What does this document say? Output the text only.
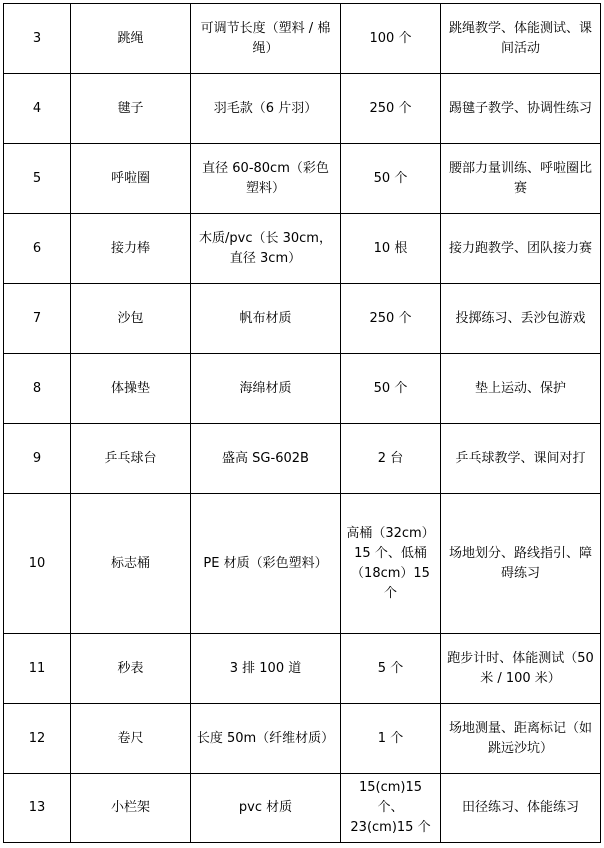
3	跳绳	可调节长度（塑料 / 棉绳）	100 个	跳绳教学、体能测试、课间活动
4	毽子	羽毛款（6 片羽）	250 个	踢毽子教学、协调性练习
5	呼啦圈	直径 60-80cm（彩色塑料）	50 个	腰部力量训练、呼啦圈比赛
6	接力棒	木质/pvc（长 30cm，直径 3cm）	10 根	接力跑教学、团队接力赛
7	沙包	帆布材质	250 个	投掷练习、丢沙包游戏
8	体操垫	海绵材质	50 个	垫上运动、保护
9	乒乓球台	盛高 SG-602B	2 台	乒乓球教学、课间对打
10	标志桶	PE 材质（彩色塑料）	高桶（32cm）15 个、低桶（18cm）15 个	场地划分、路线指引、障碍练习
11	秒表	3 排 100 道	5 个	跑步计时、体能测试（50 米 / 100 米）
12	卷尺	长度 50m（纤维材质）	1 个	场地测量、距离标记（如跳远沙坑）
13	小栏架	pvc 材质	15(cm)15 个、23(cm)15 个	田径练习、体能练习
